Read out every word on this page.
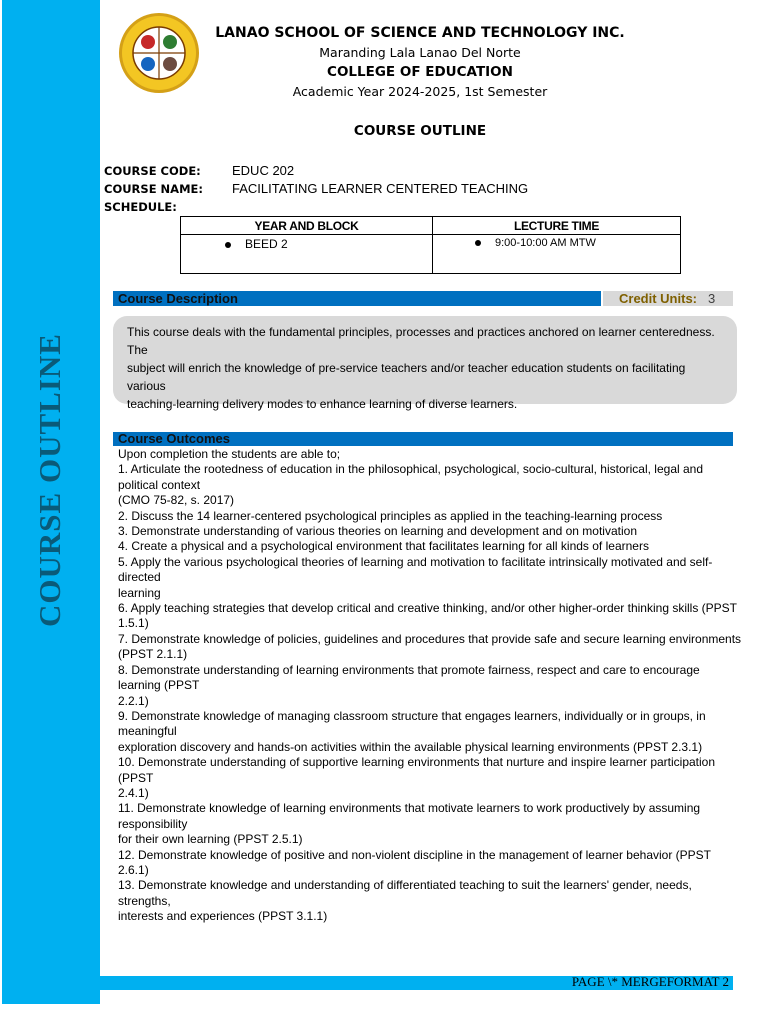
COURSE OUTLINE
LANAO SCHOOL OF SCIENCE AND TECHNOLOGY INC.
Maranding Lala Lanao Del Norte
COLLEGE OF EDUCATION
Academic Year 2024-2025, 1st Semester
COURSE OUTLINE
COURSE CODE: EDUC 202
COURSE NAME: FACILITATING LEARNER CENTERED TEACHING
SCHEDULE:
YEAR AND BLOCK	LECTURE TIME
BEED 2	9:00-10:00 AM MTW
Course Description	Credit Units: 3
This course deals with the fundamental principles, processes and practices anchored on learner centeredness. The
subject will enrich the knowledge of pre-service teachers and/or teacher education students on facilitating various
teaching-learning delivery modes to enhance learning of diverse learners.
Course Outcomes
Upon completion the students are able to;
1. Articulate the rootedness of education in the philosophical, psychological, socio-cultural, historical, legal and
political context
(CMO 75-82, s. 2017)
2. Discuss the 14 learner-centered psychological principles as applied in the teaching-learning process
3. Demonstrate understanding of various theories on learning and development and on motivation
4. Create a physical and a psychological environment that facilitates learning for all kinds of learners
5. Apply the various psychological theories of learning and motivation to facilitate intrinsically motivated and self-
directed
learning
6. Apply teaching strategies that develop critical and creative thinking, and/or other higher-order thinking skills (PPST
1.5.1)
7. Demonstrate knowledge of policies, guidelines and procedures that provide safe and secure learning environments
(PPST 2.1.1)
8. Demonstrate understanding of learning environments that promote fairness, respect and care to encourage
learning (PPST
2.2.1)
9. Demonstrate knowledge of managing classroom structure that engages learners, individually or in groups, in
meaningful
exploration discovery and hands-on activities within the available physical learning environments (PPST 2.3.1)
10. Demonstrate understanding of supportive learning environments that nurture and inspire learner participation
(PPST
2.4.1)
11. Demonstrate knowledge of learning environments that motivate learners to work productively by assuming
responsibility
for their own learning (PPST 2.5.1)
12. Demonstrate knowledge of positive and non-violent discipline in the management of learner behavior (PPST
2.6.1)
13. Demonstrate knowledge and understanding of differentiated teaching to suit the learners' gender, needs,
strengths,
interests and experiences (PPST 3.1.1)
PAGE \* MERGEFORMAT 2
